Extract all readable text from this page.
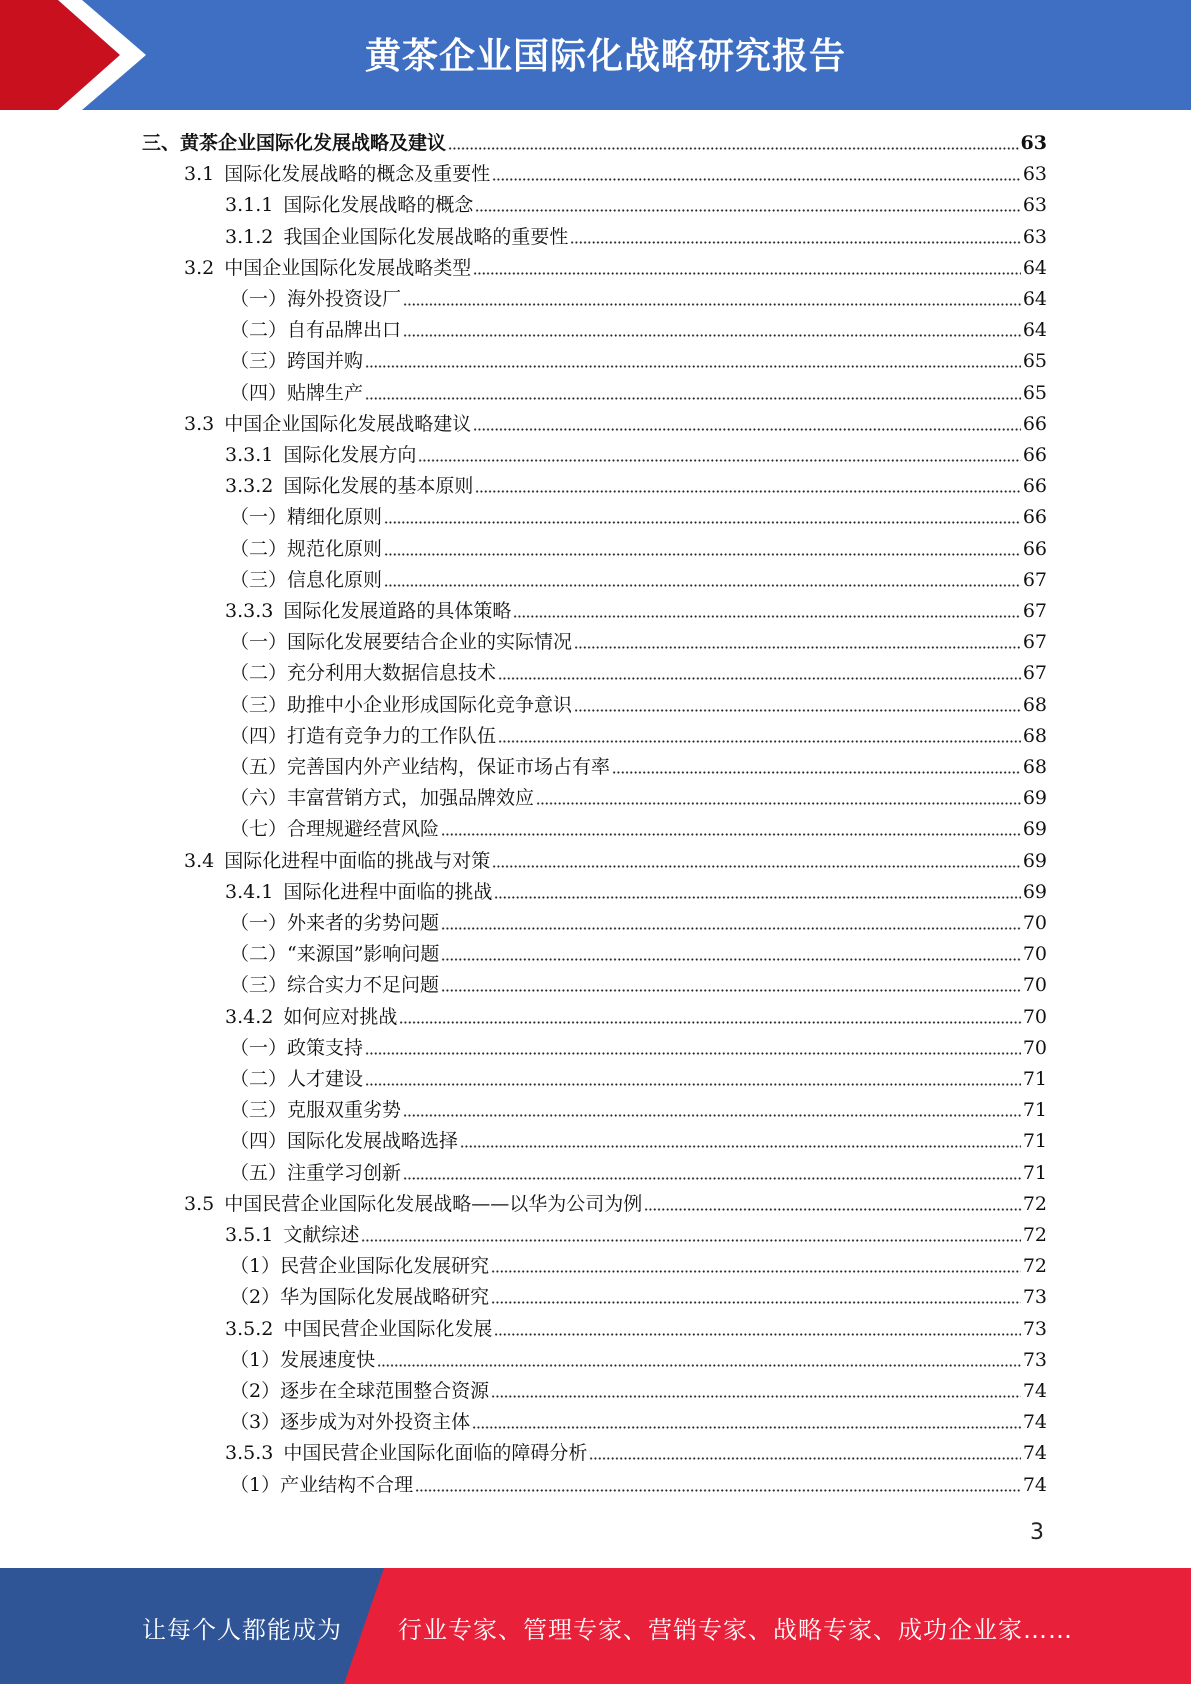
黄茶企业国际化战略研究报告
三、黄茶企业国际化发展战略及建议	63
3.1 国际化发展战略的概念及重要性	63
3.1.1 国际化发展战略的概念	63
3.1.2 我国企业国际化发展战略的重要性	63
3.2 中国企业国际化发展战略类型	64
（一）海外投资设厂	64
（二）自有品牌出口	64
（三）跨国并购	65
（四）贴牌生产	65
3.3 中国企业国际化发展战略建议	66
3.3.1 国际化发展方向	66
3.3.2 国际化发展的基本原则	66
（一）精细化原则	66
（二）规范化原则	66
（三）信息化原则	67
3.3.3 国际化发展道路的具体策略	67
（一）国际化发展要结合企业的实际情况	67
（二）充分利用大数据信息技术	67
（三）助推中小企业形成国际化竞争意识	68
（四）打造有竞争力的工作队伍	68
（五）完善国内外产业结构，保证市场占有率	68
（六）丰富营销方式，加强品牌效应	69
（七）合理规避经营风险	69
3.4 国际化进程中面临的挑战与对策	69
3.4.1 国际化进程中面临的挑战	69
（一）外来者的劣势问题	70
（二）“来源国”影响问题	70
（三）综合实力不足问题	70
3.4.2 如何应对挑战	70
（一）政策支持	70
（二）人才建设	71
（三）克服双重劣势	71
（四）国际化发展战略选择	71
（五）注重学习创新	71
3.5 中国民营企业国际化发展战略——以华为公司为例	72
3.5.1 文献综述	72
（1）民营企业国际化发展研究	72
（2）华为国际化发展战略研究	73
3.5.2 中国民营企业国际化发展	73
（1）发展速度快	73
（2）逐步在全球范围整合资源	74
（3）逐步成为对外投资主体	74
3.5.3 中国民营企业国际化面临的障碍分析	74
（1）产业结构不合理	74
3
让每个人都能成为 行业专家、管理专家、营销专家、战略专家、成功企业家……
